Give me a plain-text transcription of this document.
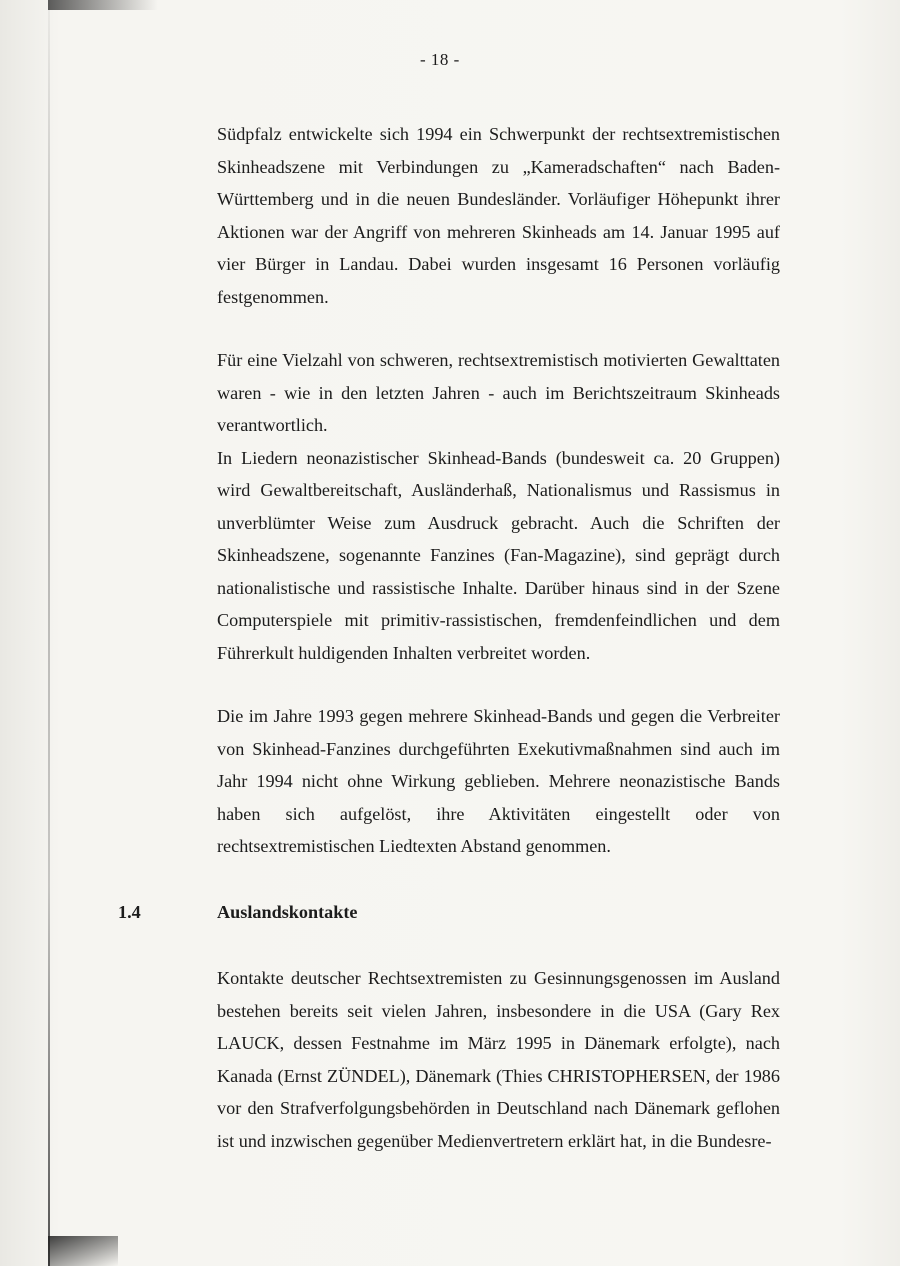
- 18 -

Südpfalz entwickelte sich 1994 ein Schwerpunkt der rechtsextremistischen Skinheadszene mit Verbindungen zu „Kameradschaften“ nach Baden-Württemberg und in die neuen Bundesländer. Vorläufiger Höhepunkt ihrer Aktionen war der Angriff von mehreren Skinheads am 14. Januar 1995 auf vier Bürger in Landau. Dabei wurden insgesamt 16 Personen vorläufig festgenommen.

Für eine Vielzahl von schweren, rechtsextremistisch motivierten Gewalttaten waren - wie in den letzten Jahren - auch im Berichtszeitraum Skinheads verantwortlich.
In Liedern neonazistischer Skinhead-Bands (bundesweit ca. 20 Gruppen) wird Gewaltbereitschaft, Ausländerhaß, Nationalismus und Rassismus in unverblümter Weise zum Ausdruck gebracht. Auch die Schriften der Skinheadszene, sogenannte Fanzines (Fan-Magazine), sind geprägt durch nationalistische und rassistische Inhalte. Darüber hinaus sind in der Szene Computerspiele mit primitiv-rassistischen, fremdenfeindlichen und dem Führerkult huldigenden Inhalten verbreitet worden.

Die im Jahre 1993 gegen mehrere Skinhead-Bands und gegen die Verbreiter von Skinhead-Fanzines durchgeführten Exekutivmaßnahmen sind auch im Jahr 1994 nicht ohne Wirkung geblieben. Mehrere neonazistische Bands haben sich aufgelöst, ihre Aktivitäten eingestellt oder von rechtsextremistischen Liedtexten Abstand genommen.

1.4	Auslandskontakte

Kontakte deutscher Rechtsextremisten zu Gesinnungsgenossen im Ausland bestehen bereits seit vielen Jahren, insbesondere in die USA (Gary Rex LAUCK, dessen Festnahme im März 1995 in Dänemark erfolgte), nach Kanada (Ernst ZÜNDEL), Dänemark (Thies CHRISTOPHERSEN, der 1986 vor den Strafverfolgungsbehörden in Deutschland nach Dänemark geflohen ist und inzwischen gegenüber Medienvertretern erklärt hat, in die Bundesre-
